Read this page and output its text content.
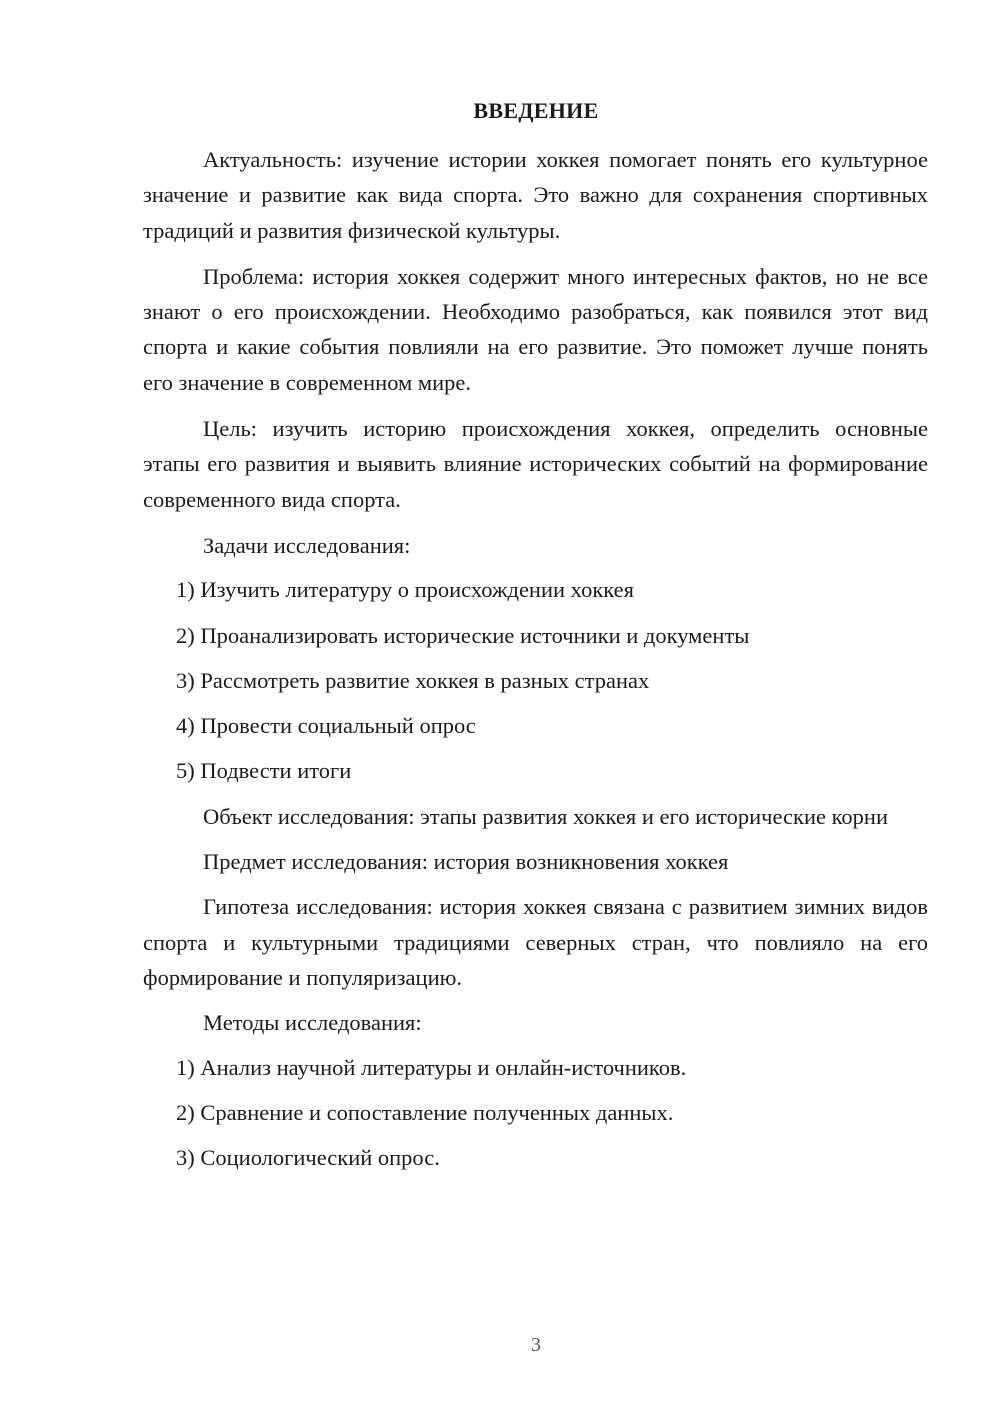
ВВЕДЕНИЕ

Актуальность: изучение истории хоккея помогает понять его культурное значение и развитие как вида спорта. Это важно для сохранения спортивных традиций и развития физической культуры.

Проблема: история хоккея содержит много интересных фактов, но не все знают о его происхождении. Необходимо разобраться, как появился этот вид спорта и какие события повлияли на его развитие. Это поможет лучше понять его значение в современном мире.

Цель: изучить историю происхождения хоккея, определить основные этапы его развития и выявить влияние исторических событий на формирование современного вида спорта.

Задачи исследования:

1) Изучить литературу о происхождении хоккея

2) Проанализировать исторические источники и документы

3) Рассмотреть развитие хоккея в разных странах

4) Провести социальный опрос

5) Подвести итоги

Объект исследования: этапы развития хоккея и его исторические корни

Предмет исследования: история возникновения хоккея

Гипотеза исследования: история хоккея связана с развитием зимних видов спорта и культурными традициями северных стран, что повлияло на его формирование и популяризацию.

Методы исследования:

1) Анализ научной литературы и онлайн-источников.

2) Сравнение и сопоставление полученных данных.

3) Социологический опрос.

3
